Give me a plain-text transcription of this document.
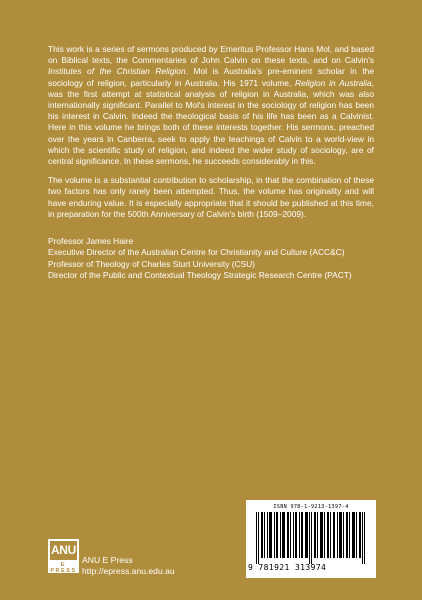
This work is a series of sermons produced by Emeritus Professor Hans Mol, and based on Biblical texts, the Commentaries of John Calvin on these texts, and on Calvin's Institutes of the Christian Religion. Mol is Australia's pre-eminent scholar in the sociology of religion, particularly in Australia. His 1971 volume, Religion in Australia, was the first attempt at statistical analysis of religion in Australia, which was also internationally significant. Parallel to Mol's interest in the sociology of religion has been his interest in Calvin. Indeed the theological basis of his life has been as a Calvinist. Here in this volume he brings both of these interests together. His sermons, preached over the years in Canberra, seek to apply the teachings of Calvin to a world-view in which the scientific study of religion, and indeed the wider study of sociology, are of central significance. In these sermons, he succeeds considerably in this.

The volume is a substantial contribution to scholarship, in that the combination of these two factors has only rarely been attempted. Thus, the volume has originality and will have enduring value. It is especially appropriate that it should be published at this time, in preparation for the 500th Anniversary of Calvin's birth (1509–2009).

Professor James Haire
Executive Director of the Australian Centre for Christianity and Culture (ACC&C)
Professor of Theology of Charles Sturt University (CSU)
Director of the Public and Contextual Theology Strategic Research Centre (PACT)
ISBN 978-1-9213-1397-4
9 781921 313974
ANU
E PRESS
ANU E Press
http://epress.anu.edu.au
